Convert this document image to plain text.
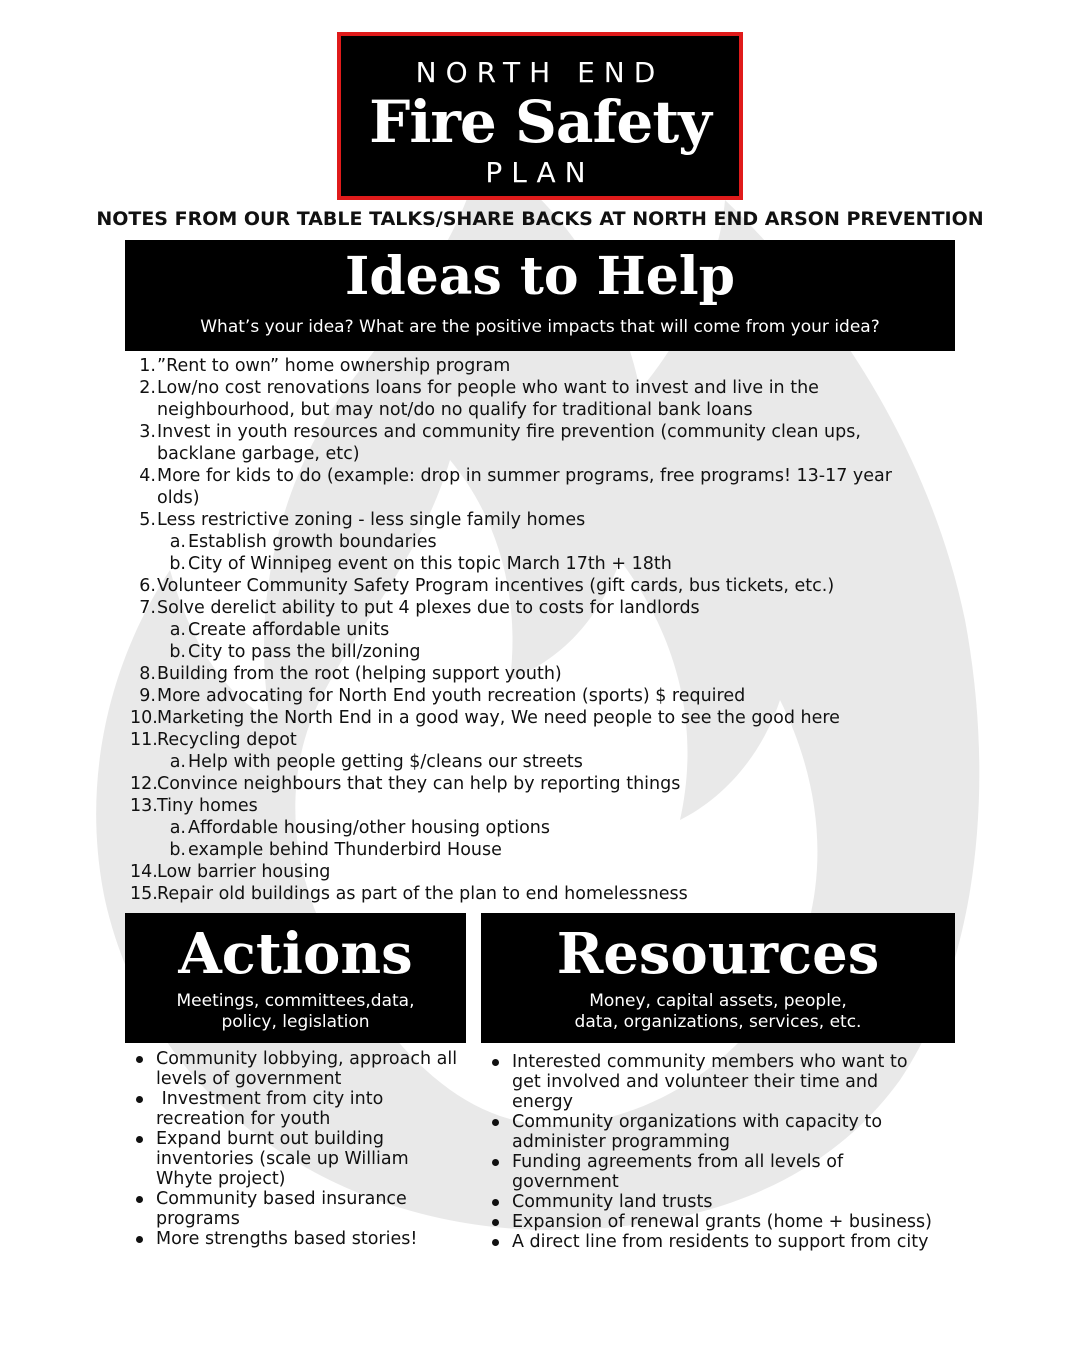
NORTH END
Fire Safety
PLAN
NOTES FROM OUR TABLE TALKS/SHARE BACKS AT NORTH END ARSON PREVENTION
Ideas to Help
What’s your idea? What are the positive impacts that will come from your idea?
1. ”Rent to own” home ownership program
2. Low/no cost renovations loans for people who want to invest and live in the
neighbourhood, but may not/do no qualify for traditional bank loans
3. Invest in youth resources and community fire prevention (community clean ups,
backlane garbage, etc)
4. More for kids to do (example: drop in summer programs, free programs! 13-17 year
olds)
5. Less restrictive zoning - less single family homes
a. Establish growth boundaries
b. City of Winnipeg event on this topic March 17th + 18th
6. Volunteer Community Safety Program incentives (gift cards, bus tickets, etc.)
7. Solve derelict ability to put 4 plexes due to costs for landlords
a. Create affordable units
b. City to pass the bill/zoning
8. Building from the root (helping support youth)
9. More advocating for North End youth recreation (sports) $ required
10. Marketing the North End in a good way, We need people to see the good here
11. Recycling depot
a. Help with people getting $/cleans our streets
12. Convince neighbours that they can help by reporting things
13. Tiny homes
a. Affordable housing/other housing options
b. example behind Thunderbird House
14. Low barrier housing
15. Repair old buildings as part of the plan to end homelessness
Actions
Meetings, committees,data,
policy, legislation
Resources
Money, capital assets, people,
data, organizations, services, etc.
Community lobbying, approach all
levels of government
Investment from city into
recreation for youth
Expand burnt out building
inventories (scale up William
Whyte project)
Community based insurance
programs
More strengths based stories!
Interested community members who want to
get involved and volunteer their time and
energy
Community organizations with capacity to
administer programming
Funding agreements from all levels of
government
Community land trusts
Expansion of renewal grants (home + business)
A direct line from residents to support from city
